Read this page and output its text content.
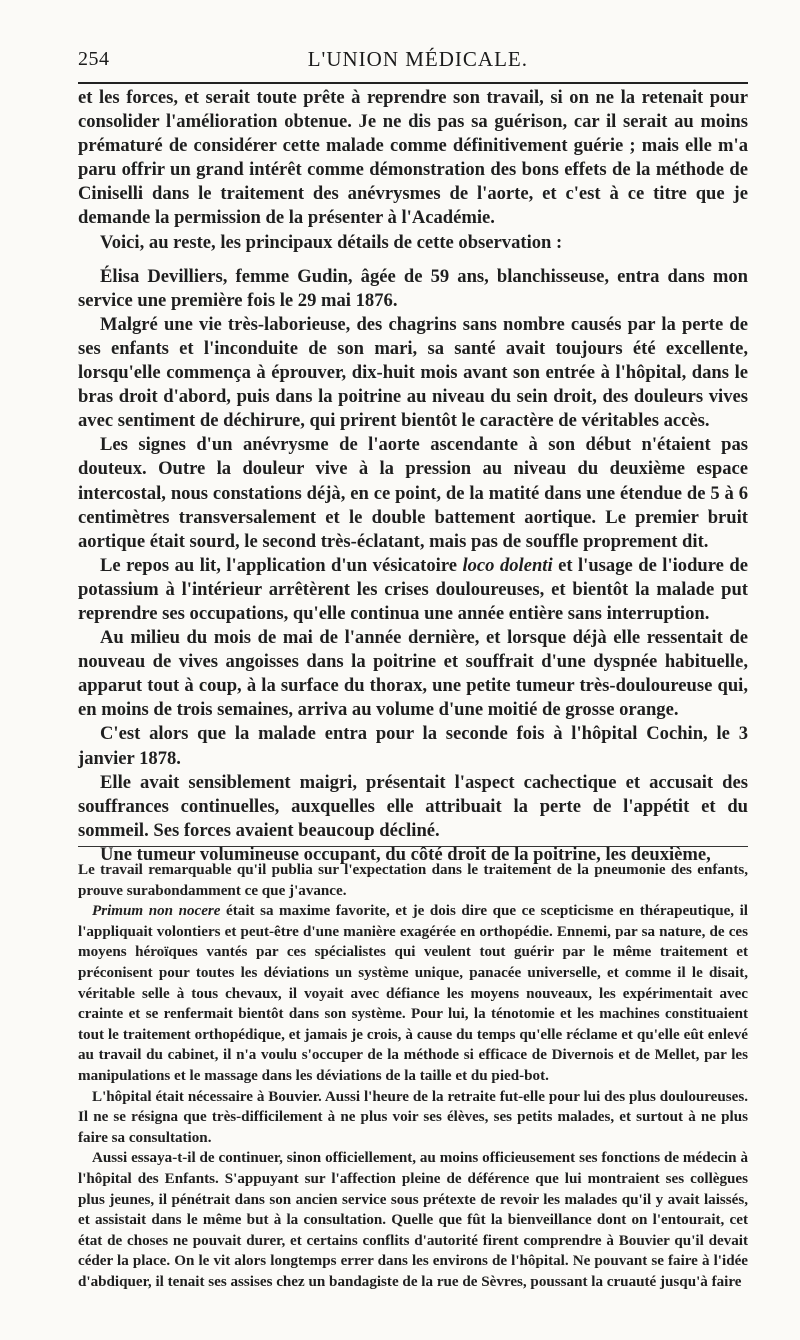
254	L'UNION MÉDICALE.

et les forces, et serait toute prête à reprendre son travail, si on ne la retenait pour consolider l'amélioration obtenue. Je ne dis pas sa guérison, car il serait au moins prématuré de considérer cette malade comme définitivement guérie ; mais elle m'a paru offrir un grand intérêt comme démonstration des bons effets de la méthode de Ciniselli dans le traitement des anévrysmes de l'aorte, et c'est à ce titre que je demande la permission de la présenter à l'Académie.

Voici, au reste, les principaux détails de cette observation :

Élisa Devilliers, femme Gudin, âgée de 59 ans, blanchisseuse, entra dans mon service une première fois le 29 mai 1876.

Malgré une vie très-laborieuse, des chagrins sans nombre causés par la perte de ses enfants et l'inconduite de son mari, sa santé avait toujours été excellente, lorsqu'elle commença à éprouver, dix-huit mois avant son entrée à l'hôpital, dans le bras droit d'abord, puis dans la poitrine au niveau du sein droit, des douleurs vives avec sentiment de déchirure, qui prirent bientôt le caractère de véritables accès.

Les signes d'un anévrysme de l'aorte ascendante à son début n'étaient pas douteux. Outre la douleur vive à la pression au niveau du deuxième espace intercostal, nous constations déjà, en ce point, de la matité dans une étendue de 5 à 6 centimètres transversalement et le double battement aortique. Le premier bruit aortique était sourd, le second très-éclatant, mais pas de souffle proprement dit.

Le repos au lit, l'application d'un vésicatoire loco dolenti et l'usage de l'iodure de potassium à l'intérieur arrêtèrent les crises douloureuses, et bientôt la malade put reprendre ses occupations, qu'elle continua une année entière sans interruption.

Au milieu du mois de mai de l'année dernière, et lorsque déjà elle ressentait de nouveau de vives angoisses dans la poitrine et souffrait d'une dyspnée habituelle, apparut tout à coup, à la surface du thorax, une petite tumeur très-douloureuse qui, en moins de trois semaines, arriva au volume d'une moitié de grosse orange.

C'est alors que la malade entra pour la seconde fois à l'hôpital Cochin, le 3 janvier 1878.

Elle avait sensiblement maigri, présentait l'aspect cachectique et accusait des souffrances continuelles, auxquelles elle attribuait la perte de l'appétit et du sommeil. Ses forces avaient beaucoup décliné.

Une tumeur volumineuse occupant, du côté droit de la poitrine, les deuxième,

Le travail remarquable qu'il publia sur l'expectation dans le traitement de la pneumonie des enfants, prouve surabondamment ce que j'avance.

Primum non nocere était sa maxime favorite, et je dois dire que ce scepticisme en thérapeutique, il l'appliquait volontiers et peut-être d'une manière exagérée en orthopédie. Ennemi, par sa nature, de ces moyens héroïques vantés par ces spécialistes qui veulent tout guérir par le même traitement et préconisent pour toutes les déviations un système unique, panacée universelle, et comme il le disait, véritable selle à tous chevaux, il voyait avec défiance les moyens nouveaux, les expérimentait avec crainte et se renfermait bientôt dans son système. Pour lui, la ténotomie et les machines constituaient tout le traitement orthopédique, et jamais je crois, à cause du temps qu'elle réclame et qu'elle eût enlevé au travail du cabinet, il n'a voulu s'occuper de la méthode si efficace de Divernois et de Mellet, par les manipulations et le massage dans les déviations de la taille et du pied-bot.

L'hôpital était nécessaire à Bouvier. Aussi l'heure de la retraite fut-elle pour lui des plus douloureuses. Il ne se résigna que très-difficilement à ne plus voir ses élèves, ses petits malades, et surtout à ne plus faire sa consultation.

Aussi essaya-t-il de continuer, sinon officiellement, au moins officieusement ses fonctions de médecin à l'hôpital des Enfants. S'appuyant sur l'affection pleine de déférence que lui montraient ses collègues plus jeunes, il pénétrait dans son ancien service sous prétexte de revoir les malades qu'il y avait laissés, et assistait dans le même but à la consultation. Quelle que fût la bienveillance dont on l'entourait, cet état de choses ne pouvait durer, et certains conflits d'autorité firent comprendre à Bouvier qu'il devait céder la place. On le vit alors longtemps errer dans les environs de l'hôpital. Ne pouvant se faire à l'idée d'abdiquer, il tenait ses assises chez un bandagiste de la rue de Sèvres, poussant la cruauté jusqu'à faire
